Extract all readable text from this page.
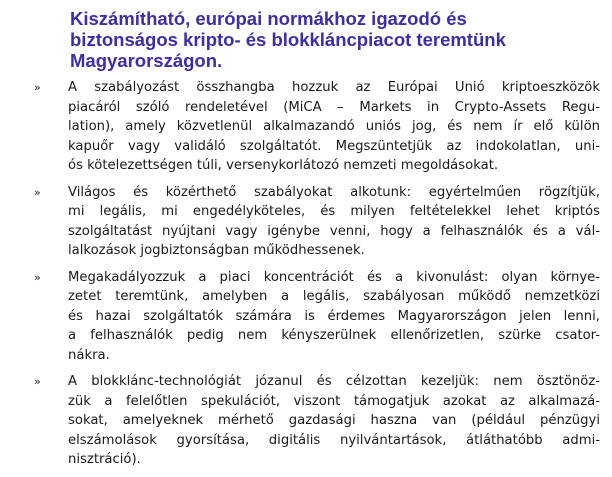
Kiszámítható, európai normákhoz igazodó és
biztonságos kripto- és blokkláncpiacot teremtünk
Magyarországon.
» A szabályozást összhangba hozzuk az Európai Unió kriptoeszközök
piacáról szóló rendeletével (MiCA – Markets in Crypto-Assets Regu-
lation), amely közvetlenül alkalmazandó uniós jog, és nem ír elő külön
kapuőr vagy validáló szolgáltatót. Megszüntetjük az indokolatlan, uni-
ós kötelezettségen túli, versenykorlátozó nemzeti megoldásokat.
» Világos és közérthető szabályokat alkotunk: egyértelműen rögzítjük,
mi legális, mi engedélyköteles, és milyen feltételekkel lehet kriptós
szolgáltatást nyújtani vagy igénybe venni, hogy a felhasználók és a vál-
lalkozások jogbiztonságban működhessenek.
» Megakadályozzuk a piaci koncentrációt és a kivonulást: olyan környe-
zetet teremtünk, amelyben a legális, szabályosan működő nemzetközi
és hazai szolgáltatók számára is érdemes Magyarországon jelen lenni,
a felhasználók pedig nem kényszerülnek ellenőrizetlen, szürke csator-
nákra.
» A blokklánc-technológiát józanul és célzottan kezeljük: nem ösztönöz-
zük a felelőtlen spekulációt, viszont támogatjuk azokat az alkalmazá-
sokat, amelyeknek mérhető gazdasági haszna van (például pénzügyi
elszámolások gyorsítása, digitális nyilvántartások, átláthatóbb admi-
nisztráció).
